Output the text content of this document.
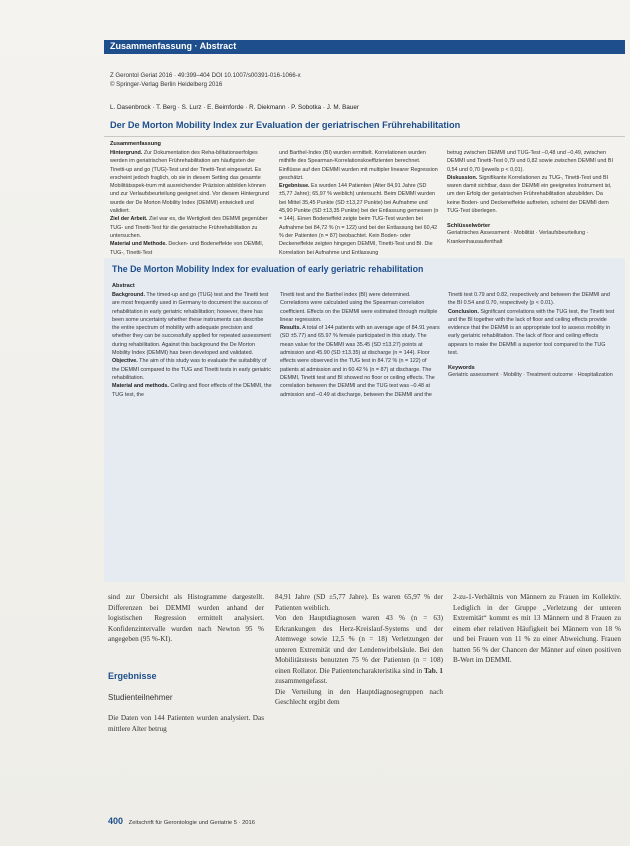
Zusammenfassung · Abstract
Z Gerontol Geriat 2016 · 49:399–404 DOI 10.1007/s00391-016-1066-x
© Springer-Verlag Berlin Heidelberg 2016
L. Dasenbrock · T. Berg · S. Lurz · E. Beimforde · R. Diekmann · P. Sobotka · J. M. Bauer
Der De Morton Mobility Index zur Evaluation der geriatrischen Frührehabilitation
Zusammenfassung
Hintergrund. Zur Dokumentation des Reha-bilitationserfolges werden im geriatrischen Frührehabilitation am häufigsten der Tinetti-up and go (TUG)-Test und der Tinetti-Test eingesetzt. Es erscheint jedoch fraglich, ob sie in diesem Setting das gesamte Mobilitätsspek-trum mit ausreichender Präzision abbilden können und zur Verlaufsbeurteilung geeignet sind. Vor diesem Hintergrund wurde der De Morton Mobility Index (DEMMI) entwickelt und validiert.
Ziel der Arbeit. Ziel war es, die Wertigkeit des DEMMI gegenüber TUG- und Tinetti-Test für die geriatrische Frührehabilitation zu untersuchen.
Material und Methode. Decken- und Bodeneffekte von DEMMI, TUG-, Tinetti-Test
und Barthel-Index (BI) wurden ermittelt. Korrelationen wurden mithilfe des Spearman-Korrelationskoeffizienten berechnet. Einflüsse auf den DEMMI wurden mit multipler linearer Regression geschätzt.
Ergebnisse. Es wurden 144 Patienten (Alter 84,91 Jahre (SD ±5,77 Jahre); 65,97 % weiblich) untersucht. Beim DEMMI wurden bei Mittel 35,45 Punkte (SD ±13,27 Punkte) bei Aufnahme und 45,90 Punkte (SD ±13,35 Punkte) bei der Entlassung gemessen (n = 144). Einen Bodeneffekt zeigte beim TUG-Test wurden bei Aufnahme bei 84,72 % (n = 122) und bei der Entlassung bei 60,42 % der Patienten (n = 87) beobachtet. Kein Boden- oder Deckeneffekte zeigten hingegen DEMMI, Tinetti-Test und BI. Die Korrelation bei Aufnahme und Entlassung
betrug zwischen DEMMI und TUG-Test –0,48 und –0,49, zwischen DEMMI und Tinetti-Test 0,79 und 0,82 sowie zwischen DEMMI und BI 0,54 und 0,70 (jeweils p < 0,01).
Diskussion. Signifikante Korrelationen zu TUG-, Tinetti-Test und BI waren damit sichtbar, dass der DEMMI ein geeignetes Instrument ist, um den Erfolg der geriatrischen Frührehabilitation abzubilden. Da keine Boden- und Deckeneffekte auftreten, scheint der DEMMI dem TUG-Test überlegen.
Schlüsselwörter
Geriatrisches Assessment · Mobilität · Verlaufsbeurteilung · Krankenhausaufenthalt
The De Morton Mobility Index for evaluation of early geriatric rehabilitation
Abstract
Background. The timed-up and go (TUG) test and the Tinetti test are most frequently used in Germany to document the success of rehabilitation in early geriatric rehabilitation; however, there has been some uncertainty whether these instruments can describe the entire spectrum of mobility with adequate precision and whether they can be successfully applied for repeated assessment during rehabilitation. Against this background the De Morton Mobility Index (DEMMI) has been developed and validated.
Objective. The aim of this study was to evaluate the suitability of the DEMMI compared to the TUG and Tinetti tests in early geriatric rehabilitation.
Material and methods. Ceiling and floor effects of the DEMMI, the TUG test, the
Tinetti test and the Barthel index (BI) were determined. Correlations were calculated using the Spearman correlation coefficient. Effects on the DEMMI were estimated through multiple linear regression.
Results. A total of 144 patients with an average age of 84.91 years (SD ±5.77) and 65.97 % female participated in this study. The mean value for the DEMMI was 35.45 (SD ±13.27) points at admission and 45.90 (SD ±13.35) at discharge (n = 144). Floor effects were observed in the TUG test in 84.72 % (n = 122) of patients at admission and in 60.42 % (n = 87) at discharge. The DEMMI, Tinetti test and BI showed no floor or ceiling effects. The correlation between the DEMMI and the TUG test was –0.48 at admission and –0.49 at discharge, between the DEMMI and the
Tinetti test 0.79 and 0.82, respectively and between the DEMMI and the BI 0.54 and 0.70, respectively (p < 0.01).
Conclusion. Significant correlations with the TUG test, the Tinetti test and the BI together with the lack of floor and ceiling effects provide evidence that the DEMMI is an appropriate tool to assess mobility in early geriatric rehabilitation. The lack of floor and ceiling effects appears to make the DEMMI a superior tool compared to the TUG test.
Keywords
Geriatric assessment · Mobility · Treatment outcome · Hospitalization
sind zur Übersicht als Histogramme dargestellt. Differenzen bei DEMMI wurden anhand der logistischen Regression ermittelt analysiert. Konfidenzintervalle wurden nach Newton 95 % angegeben (95 %-KI).
Ergebnisse
Studienteilnehmer
Die Daten von 144 Patienten wurden analysiert. Das mittlere Alter betrug
84,91 Jahre (SD ±5,77 Jahre). Es waren 65,97 % der Patienten weiblich.
Von den Hauptdiagnosen waren 43 % (n = 63) Erkrankungen des Herz-Kreislauf-Systems und der Atemwege sowie 12,5 % (n = 18) Verletzungen der unteren Extremität und der Lendenwirbelsäule. Bei den Mobilitätstests benutzten 75 % der Patienten (n = 108) einen Rollator. Die Patientencharakteristika sind in Tab. 1 zusammengefasst.
Die Verteilung in den Hauptdiagnosegruppen nach Geschlecht ergibt dem
2-zu-1-Verhältnis von Männern zu Frauen im Kollektiv. Lediglich in der Gruppe „Verletzung der unteren Extremität“ kommt es mit 13 Männern und 8 Frauen zu einem eher relativen Häufigkeit bei Männern von 18 % und bei Frauen von 11 % zu einer Abweichung. Frauen hatten 56 % der Chancen der Männer auf einen positiven B-Wert im DEMMI.
400 Zeitschrift für Gerontologie und Geriatrie 5 · 2016
